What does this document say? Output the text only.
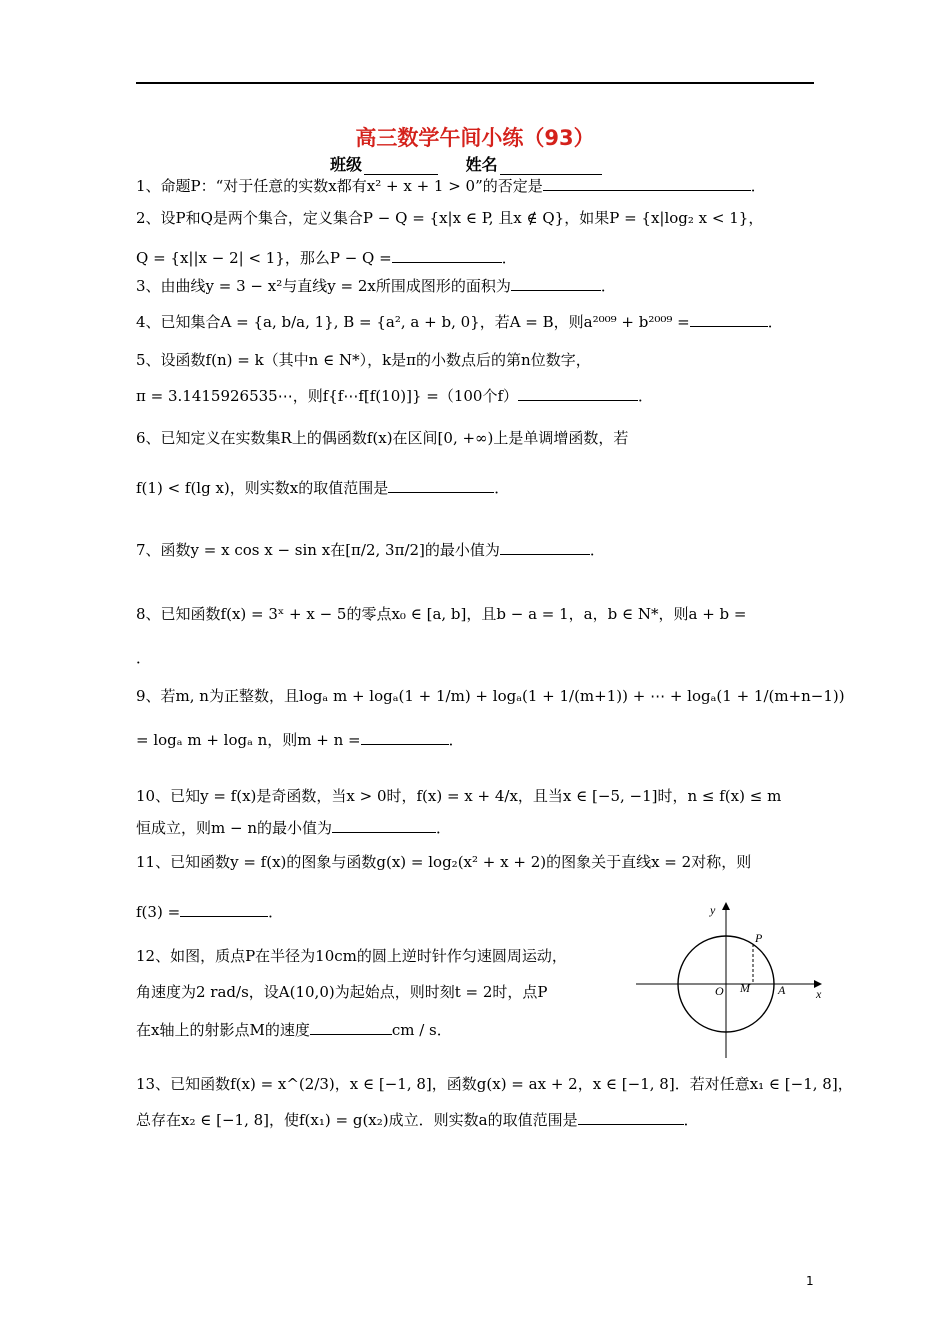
高三数学午间小练（93）
班级	姓名
1、命题P：“对于任意的实数x都有x² + x + 1 > 0”的否定是	．
2、设P和Q是两个集合，定义集合P − Q = {x|x ∈ P, 且x ∉ Q}，如果P = {x|log₂ x < 1}，
Q = {x||x − 2| < 1}，那么P − Q =	．
3、由曲线y = 3 − x²与直线y = 2x所围成图形的面积为	．
4、已知集合A = {a, b/a, 1}, B = {a², a + b, 0}，若A = B，则a²⁰⁰⁹ + b²⁰⁰⁹ =	．
5、设函数f(n) = k（其中n ∈ N*），k是π的小数点后的第n位数字，
π = 3.1415926535⋯，则f{f⋯f[f(10)]} =（100个f）	．
6、已知定义在实数集R上的偶函数f(x)在区间[0, +∞)上是单调增函数，若
f(1) < f(lg x)，则实数x的取值范围是	．
7、函数y = x cos x − sin x在[π/2, 3π/2]的最小值为	．
8、已知函数f(x) = 3ˣ + x − 5的零点x₀ ∈ [a, b]，且b − a = 1，a，b ∈ N*，则a + b =
．
9、若m, n为正整数，且logₐ m + logₐ(1 + 1/m) + logₐ(1 + 1/(m+1)) + ⋯ + logₐ(1 + 1/(m+n−1))
= logₐ m + logₐ n，则m + n =	．
10、已知y = f(x)是奇函数，当x > 0时，f(x) = x + 4/x，且当x ∈ [−5, −1]时，n ≤ f(x) ≤ m
恒成立，则m − n的最小值为	．
11、已知函数y = f(x)的图象与函数g(x) = log₂(x² + x + 2)的图象关于直线x = 2对称，则
f(3) =	．
12、如图，质点P在半径为10cm的圆上逆时针作匀速圆周运动，
角速度为2 rad/s，设A(10,0)为起始点，则时刻t = 2时，点P
在x轴上的射影点M的速度	cm / s．
13、已知函数f(x) = x^(2/3)，x ∈ [−1, 8]，函数g(x) = ax + 2，x ∈ [−1, 8]．若对任意x₁ ∈ [−1, 8]，
总存在x₂ ∈ [−1, 8]，使f(x₁) = g(x₂)成立．则实数a的取值范围是	．
y
x
O M A
P
1
